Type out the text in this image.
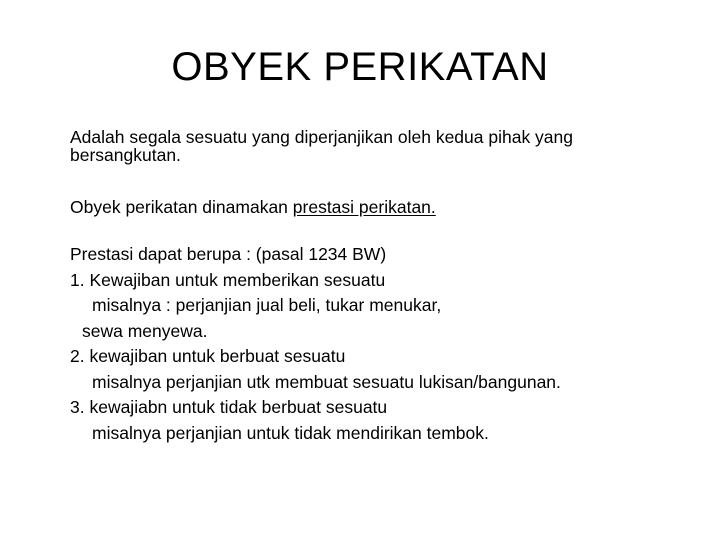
OBYEK PERIKATAN
Adalah segala sesuatu yang diperjanjikan oleh kedua pihak yang
bersangkutan.
Obyek perikatan dinamakan prestasi perikatan.
Prestasi dapat berupa : (pasal 1234 BW)
1. Kewajiban untuk memberikan sesuatu
misalnya : perjanjian jual beli, tukar menukar,
sewa menyewa.
2. kewajiban untuk berbuat sesuatu
misalnya perjanjian utk membuat sesuatu lukisan/bangunan.
3. kewajiabn untuk tidak berbuat sesuatu
misalnya perjanjian untuk tidak mendirikan tembok.
